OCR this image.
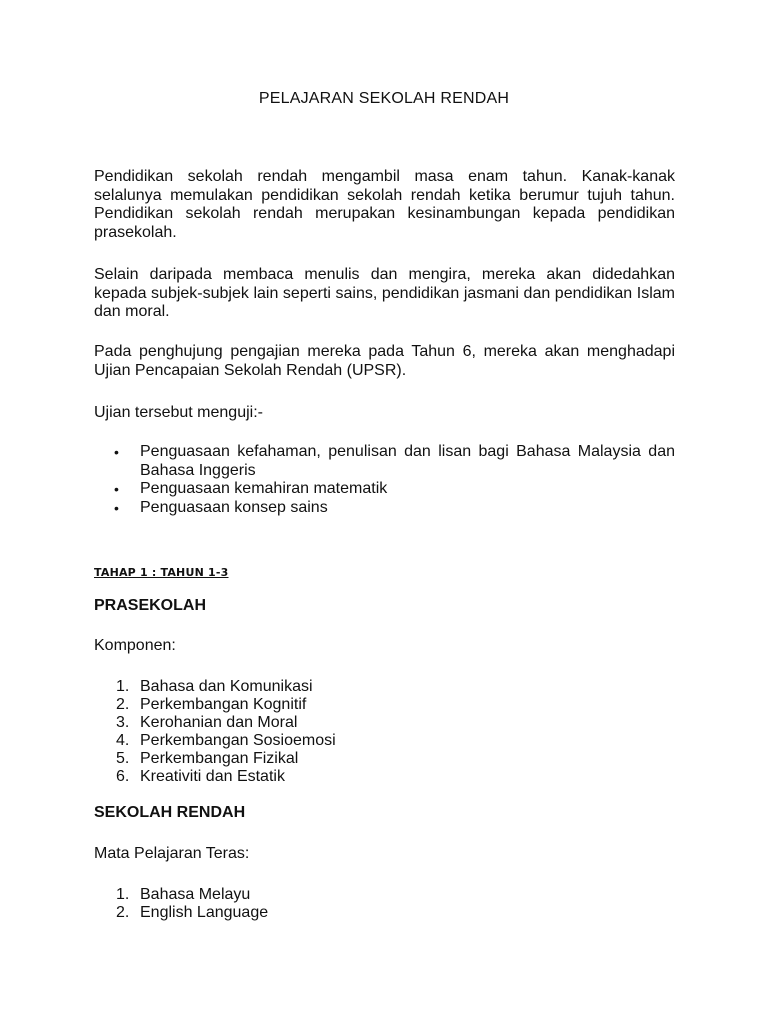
PELAJARAN SEKOLAH RENDAH

Pendidikan sekolah rendah mengambil masa enam tahun. Kanak-kanak selalunya memulakan pendidikan sekolah rendah ketika berumur tujuh tahun. Pendidikan sekolah rendah merupakan kesinambungan kepada pendidikan prasekolah.

Selain daripada membaca menulis dan mengira, mereka akan didedahkan kepada subjek-subjek lain seperti sains, pendidikan jasmani dan pendidikan Islam dan moral.

Pada penghujung pengajian mereka pada Tahun 6, mereka akan menghadapi Ujian Pencapaian Sekolah Rendah (UPSR).

Ujian tersebut menguji:-

• Penguasaan kefahaman, penulisan dan lisan bagi Bahasa Malaysia dan Bahasa Inggeris
• Penguasaan kemahiran matematik
• Penguasaan konsep sains
TAHAP 1 : TAHUN 1-3
PRASEKOLAH
Komponen:
1. Bahasa dan Komunikasi
2. Perkembangan Kognitif
3. Kerohanian dan Moral
4. Perkembangan Sosioemosi
5. Perkembangan Fizikal
6. Kreativiti dan Estatik
SEKOLAH RENDAH
Mata Pelajaran Teras:
1. Bahasa Melayu
2. English Language
